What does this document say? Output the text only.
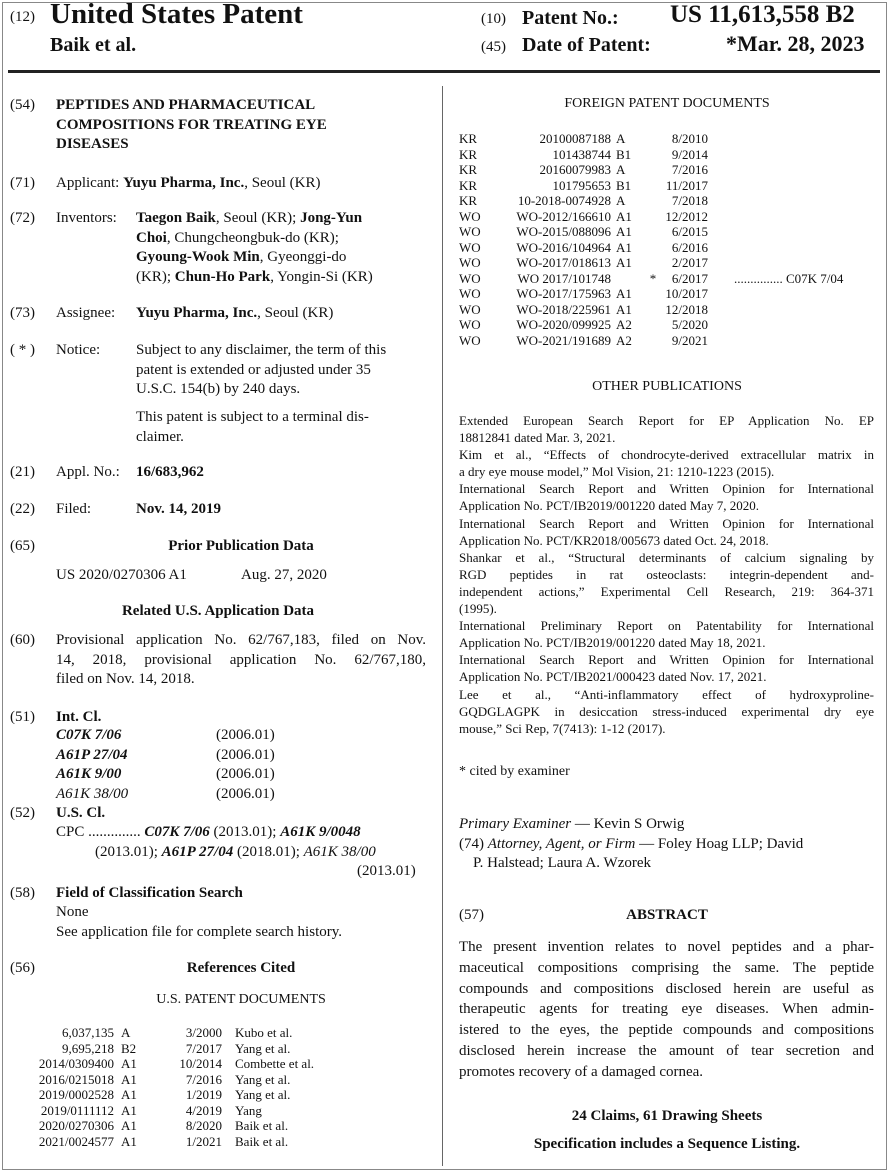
(12) United States Patent
Baik et al.
(10) Patent No.: US 11,613,558 B2
(45) Date of Patent:	*Mar. 28, 2023
(54) PEPTIDES AND PHARMACEUTICAL
COMPOSITIONS FOR TREATING EYE
DISEASES
(71) Applicant: Yuyu Pharma, Inc., Seoul (KR)
(72) Inventors: Taegon Baik, Seoul (KR); Jong-Yun
Choi, Chungcheongbuk-do (KR);
Gyoung-Wook Min, Gyeonggi-do
(KR); Chun-Ho Park, Yongin-Si (KR)
(73) Assignee: Yuyu Pharma, Inc., Seoul (KR)
( * ) Notice: Subject to any disclaimer, the term of this
patent is extended or adjusted under 35
U.S.C. 154(b) by 240 days.
This patent is subject to a terminal dis-
claimer.
(21) Appl. No.: 16/683,962
(22) Filed:	Nov. 14, 2019
(65)	Prior Publication Data
US 2020/0270306 A1	Aug. 27, 2020
Related U.S. Application Data
(60) Provisional application No. 62/767,183, filed on Nov.
14, 2018, provisional application No. 62/767,180,
filed on Nov. 14, 2018.
(51) Int. Cl.
C07K 7/06	(2006.01)
A61P 27/04	(2006.01)
A61K 9/00	(2006.01)
A61K 38/00	(2006.01)
(52) U.S. Cl.
CPC .............. C07K 7/06 (2013.01); A61K 9/0048
(2013.01); A61P 27/04 (2018.01); A61K 38/00
(2013.01)
(58) Field of Classification Search
None
See application file for complete search history.
(56)	References Cited
U.S. PATENT DOCUMENTS
6,037,135	A	3/2000	Kubo et al.
9,695,218	B2	7/2017	Yang et al.
2014/0309400	A1	10/2014	Combette et al.
2016/0215018	A1	7/2016	Yang et al.
2019/0002528	A1	1/2019	Yang et al.
2019/0111112	A1	4/2019	Yang
2020/0270306	A1	8/2020	Baik et al.
2021/0024577	A1	1/2021	Baik et al.
FOREIGN PATENT DOCUMENTS
KR	20100087188	A		8/2010	
KR	101438744	B1		9/2014	
KR	20160079983	A		7/2016	
KR	101795653	B1		11/2017	
KR	10-2018-0074928	A		7/2018	
WO	WO-2012/166610	A1		12/2012	
WO	WO-2015/088096	A1		6/2015	
WO	WO-2016/104964	A1		6/2016	
WO	WO-2017/018613	A1		2/2017	
WO	WO 2017/101748		*	6/2017	............... C07K 7/04
WO	WO-2017/175963	A1		10/2017	
WO	WO-2018/225961	A1		12/2018	
WO	WO-2020/099925	A2		5/2020	
WO	WO-2021/191689	A2		9/2021	
OTHER PUBLICATIONS
Extended European Search Report for EP Application No. EP
18812841 dated Mar. 3, 2021.
Kim et al., “Effects of chondrocyte-derived extracellular matrix in
a dry eye mouse model,” Mol Vision, 21: 1210-1223 (2015).
International Search Report and Written Opinion for International
Application No. PCT/IB2019/001220 dated May 7, 2020.
International Search Report and Written Opinion for International
Application No. PCT/KR2018/005673 dated Oct. 24, 2018.
Shankar et al., “Structural determinants of calcium signaling by
RGD peptides in rat osteoclasts: integrin-dependent and-
independent actions,” Experimental Cell Research, 219: 364-371
(1995).
International Preliminary Report on Patentability for International
Application No. PCT/IB2019/001220 dated May 18, 2021.
International Search Report and Written Opinion for International
Application No. PCT/IB2021/000423 dated Nov. 17, 2021.
Lee et al., “Anti-inflammatory effect of hydroxyproline-
GQDGLAGPK in desiccation stress-induced experimental dry eye
mouse,” Sci Rep, 7(7413): 1-12 (2017).
* cited by examiner
Primary Examiner — Kevin S Orwig
(74) Attorney, Agent, or Firm — Foley Hoag LLP; David
P. Halstead; Laura A. Wzorek
(57)	ABSTRACT
The present invention relates to novel peptides and a phar-
maceutical compositions comprising the same. The peptide
compounds and compositions disclosed herein are useful as
therapeutic agents for treating eye diseases. When admin-
istered to the eyes, the peptide compounds and compositions
disclosed herein increase the amount of tear secretion and
promotes recovery of a damaged cornea.
24 Claims, 61 Drawing Sheets
Specification includes a Sequence Listing.
